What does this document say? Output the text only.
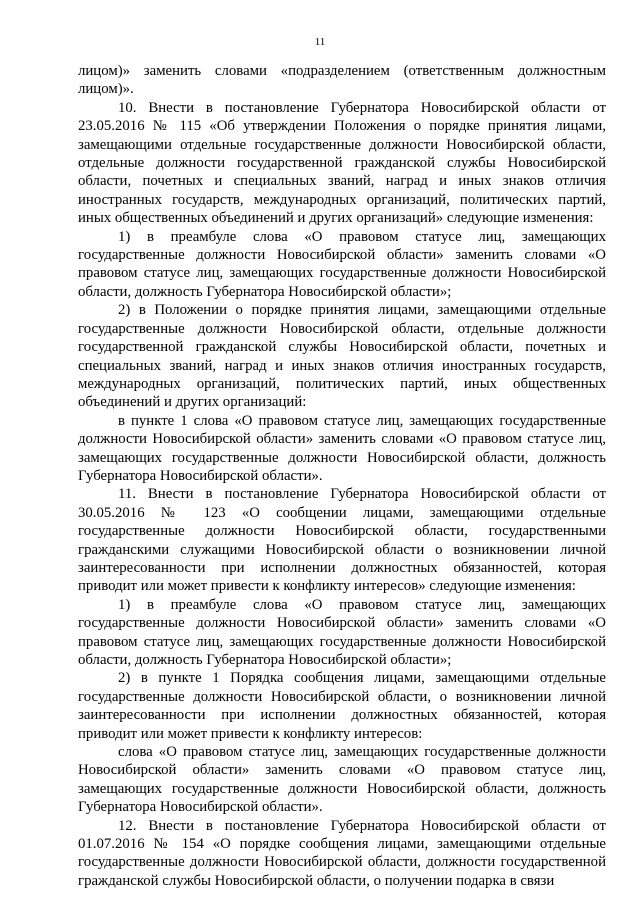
11

лицом)» заменить словами «подразделением (ответственным должностным лицом)».

10. Внести в постановление Губернатора Новосибирской области от 23.05.2016 № 115 «Об утверждении Положения о порядке принятия лицами, замещающими отдельные государственные должности Новосибирской области, отдельные должности государственной гражданской службы Новосибирской области, почетных и специальных званий, наград и иных знаков отличия иностранных государств, международных организаций, политических партий, иных общественных объединений и других организаций» следующие изменения:

1) в преамбуле слова «О правовом статусе лиц, замещающих государственные должности Новосибирской области» заменить словами «О правовом статусе лиц, замещающих государственные должности Новосибирской области, должность Губернатора Новосибирской области»;

2) в Положении о порядке принятия лицами, замещающими отдельные государственные должности Новосибирской области, отдельные должности государственной гражданской службы Новосибирской области, почетных и специальных званий, наград и иных знаков отличия иностранных государств, международных организаций, политических партий, иных общественных объединений и других организаций:

в пункте 1 слова «О правовом статусе лиц, замещающих государственные должности Новосибирской области» заменить словами «О правовом статусе лиц, замещающих государственные должности Новосибирской области, должность Губернатора Новосибирской области».

11. Внести в постановление Губернатора Новосибирской области от 30.05.2016 № 123 «О сообщении лицами, замещающими отдельные государственные должности Новосибирской области, государственными гражданскими служащими Новосибирской области о возникновении личной заинтересованности при исполнении должностных обязанностей, которая приводит или может привести к конфликту интересов» следующие изменения:

1) в преамбуле слова «О правовом статусе лиц, замещающих государственные должности Новосибирской области» заменить словами «О правовом статусе лиц, замещающих государственные должности Новосибирской области, должность Губернатора Новосибирской области»;

2) в пункте 1 Порядка сообщения лицами, замещающими отдельные государственные должности Новосибирской области, о возникновении личной заинтересованности при исполнении должностных обязанностей, которая приводит или может привести к конфликту интересов:

слова «О правовом статусе лиц, замещающих государственные должности Новосибирской области» заменить словами «О правовом статусе лиц, замещающих государственные должности Новосибирской области, должность Губернатора Новосибирской области».

12. Внести в постановление Губернатора Новосибирской области от 01.07.2016 № 154 «О порядке сообщения лицами, замещающими отдельные государственные должности Новосибирской области, должности государственной гражданской службы Новосибирской области, о получении подарка в связи
